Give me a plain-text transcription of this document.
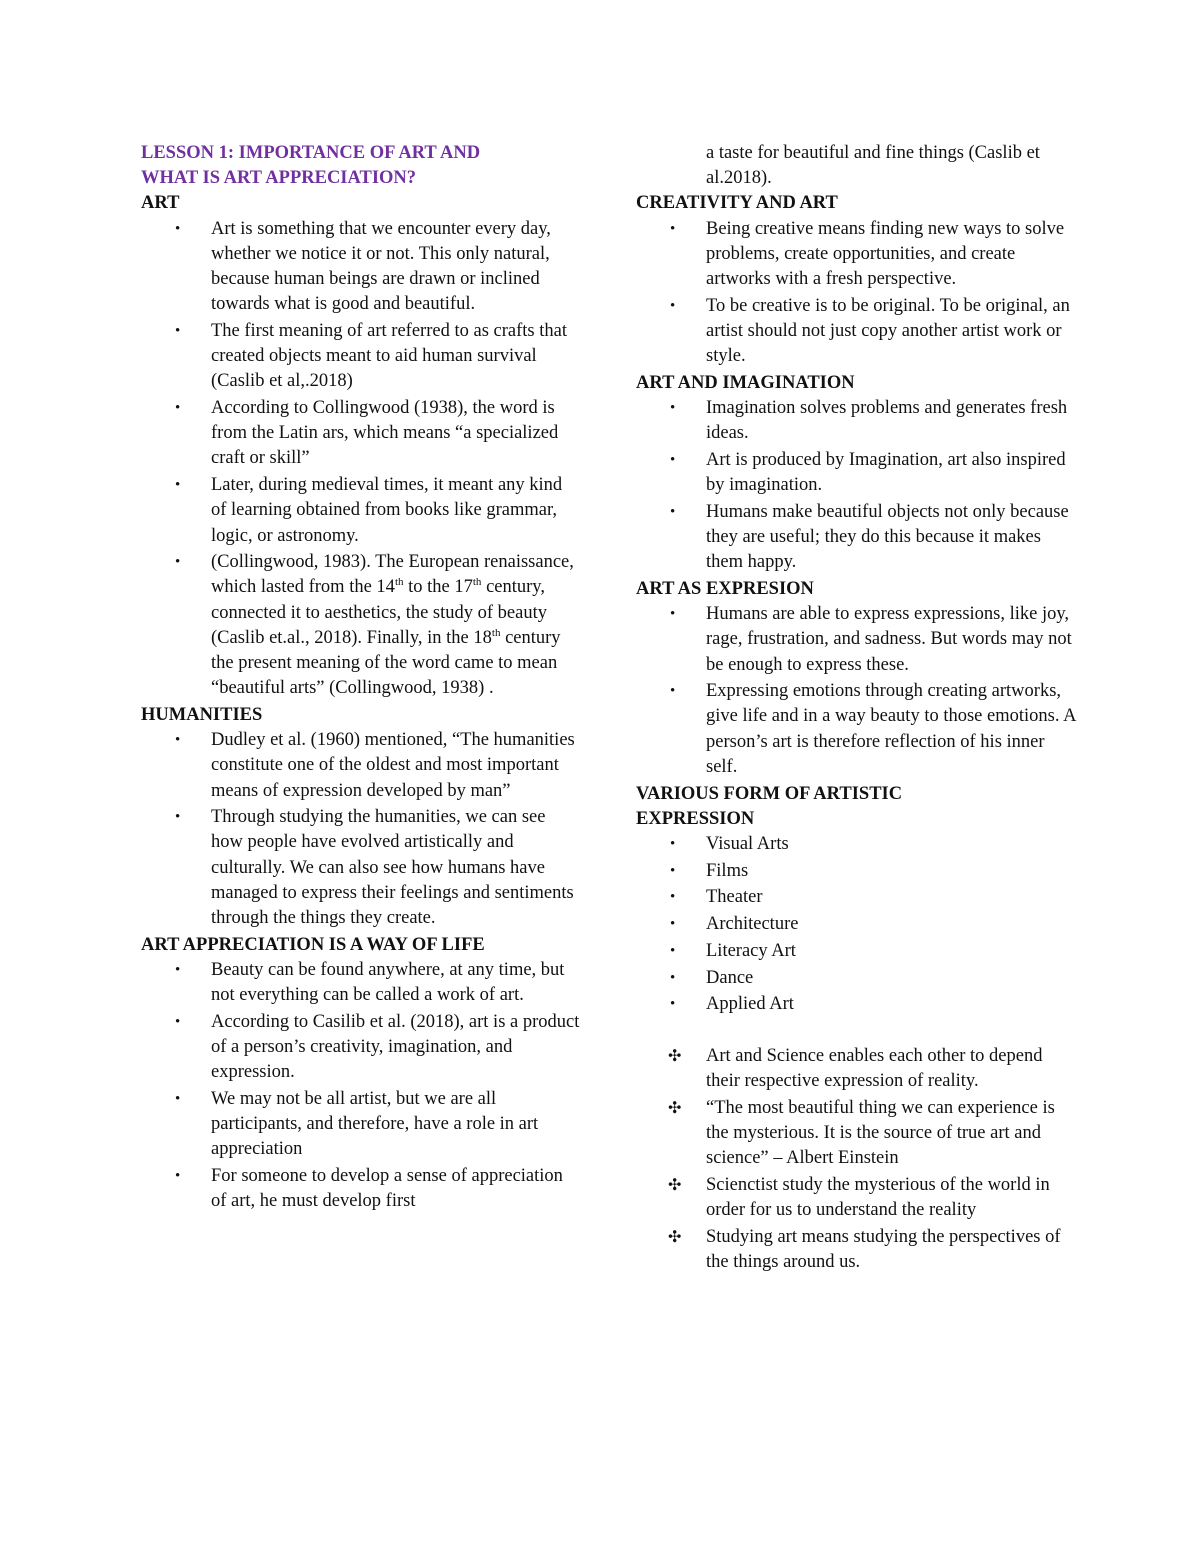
LESSON 1: IMPORTANCE OF ART AND
WHAT IS ART APPRECIATION?

ART

•	Art is something that we encounter every day, whether we notice it or not. This only natural, because human beings are drawn or inclined towards what is good and beautiful.
•	The first meaning of art referred to as crafts that created objects meant to aid human survival (Caslib et al,.2018)
•	According to Collingwood (1938), the word is from the Latin ars, which means “a specialized craft or skill”
•	Later, during medieval times, it meant any kind of learning obtained from books like grammar, logic, or astronomy.
•	(Collingwood, 1983). The European renaissance, which lasted from the 14th to the 17th century, connected it to aesthetics, the study of beauty (Caslib et.al., 2018). Finally, in the 18th century the present meaning of the word came to mean “beautiful arts” (Collingwood, 1938) .

HUMANITIES

•	Dudley et al. (1960) mentioned, “The humanities constitute one of the oldest and most important means of expression developed by man”
•	Through studying the humanities, we can see how people have evolved artistically and culturally. We can also see how humans have managed to express their feelings and sentiments through the things they create.

ART APPRECIATION IS A WAY OF LIFE

•	Beauty can be found anywhere, at any time, but not everything can be called a work of art.
•	According to Casilib et al. (2018), art is a product of a person’s creativity, imagination, and expression.
•	We may not be all artist, but we are all participants, and therefore, have a role in art appreciation
•	For someone to develop a sense of appreciation of art, he must develop first

a taste for beautiful and fine things (Caslib et al.2018).

CREATIVITY AND ART

•	Being creative means finding new ways to solve problems, create opportunities, and create artworks with a fresh perspective.
•	To be creative is to be original. To be original, an artist should not just copy another artist work or style.

ART AND IMAGINATION

•	Imagination solves problems and generates fresh ideas.
•	Art is produced by Imagination, art also inspired by imagination.
•	Humans make beautiful objects not only because they are useful; they do this because it makes them happy.

ART AS EXPRESION

•	Humans are able to express expressions, like joy, rage, frustration, and sadness. But words may not be enough to express these.
•	Expressing emotions through creating artworks, give life and in a way beauty to those emotions. A person’s art is therefore reflection of his inner self.

VARIOUS FORM OF ARTISTIC
EXPRESSION

•	Visual Arts
•	Films
•	Theater
•	Architecture
•	Literacy Art
•	Dance
•	Applied Art
✣ Art and Science enables each other to depend their respective expression of reality.
✣ “The most beautiful thing we can experience is the mysterious. It is the source of true art and science” – Albert Einstein
✣ Scienctist study the mysterious of the world in order for us to understand the reality
✣ Studying art means studying the perspectives of the things around us.
